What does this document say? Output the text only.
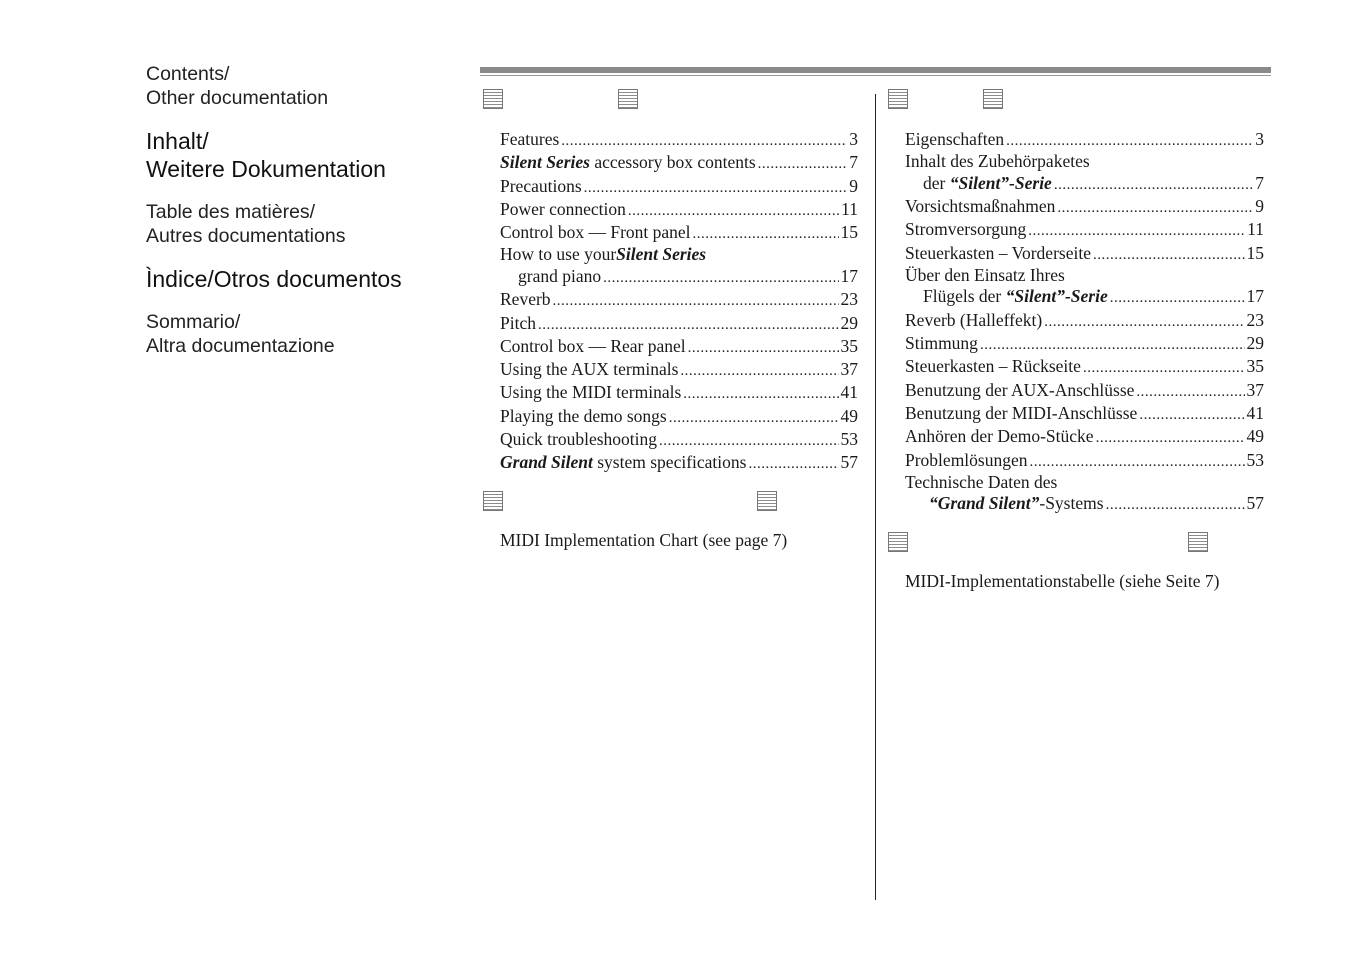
Contents/
Other documentation
Inhalt/
Weitere Dokumentation
Table des matières/
Autres documentations
Ìndice/Otros documentos
Sommario/
Altra documentazione
Features .....	3
Silent Series accessory box contents .....	7
Precautions .....	9
Power connection .....	11
Control box — Front panel .....	15
How to use your Silent Series
grand piano .....	17
Reverb .....	23
Pitch .....	29
Control box — Rear panel .....	35
Using the AUX terminals .....	37
Using the MIDI terminals .....	41
Playing the demo songs .....	49
Quick troubleshooting .....	53
Grand Silent system specifications .....	57
Eigenschaften .....	3
Inhalt des Zubehörpaketes
der “Silent”-Serie .....	7
Vorsichtsmaßnahmen .....	9
Stromversorgung .....	11
Steuerkasten – Vorderseite .....	15
Über den Einsatz Ihres
Flügels der “Silent”-Serie .....	17
Reverb (Halleffekt) .....	23
Stimmung .....	29
Steuerkasten – Rückseite .....	35
Benutzung der AUX-Anschlüsse .....	37
Benutzung der MIDI-Anschlüsse .....	41
Anhören der Demo-Stücke .....	49
Problemlösungen .....	53
Technische Daten des
“Grand Silent”-Systems .....	57
MIDI Implementation Chart (see page 7)
MIDI-Implementationstabelle (siehe Seite 7)
